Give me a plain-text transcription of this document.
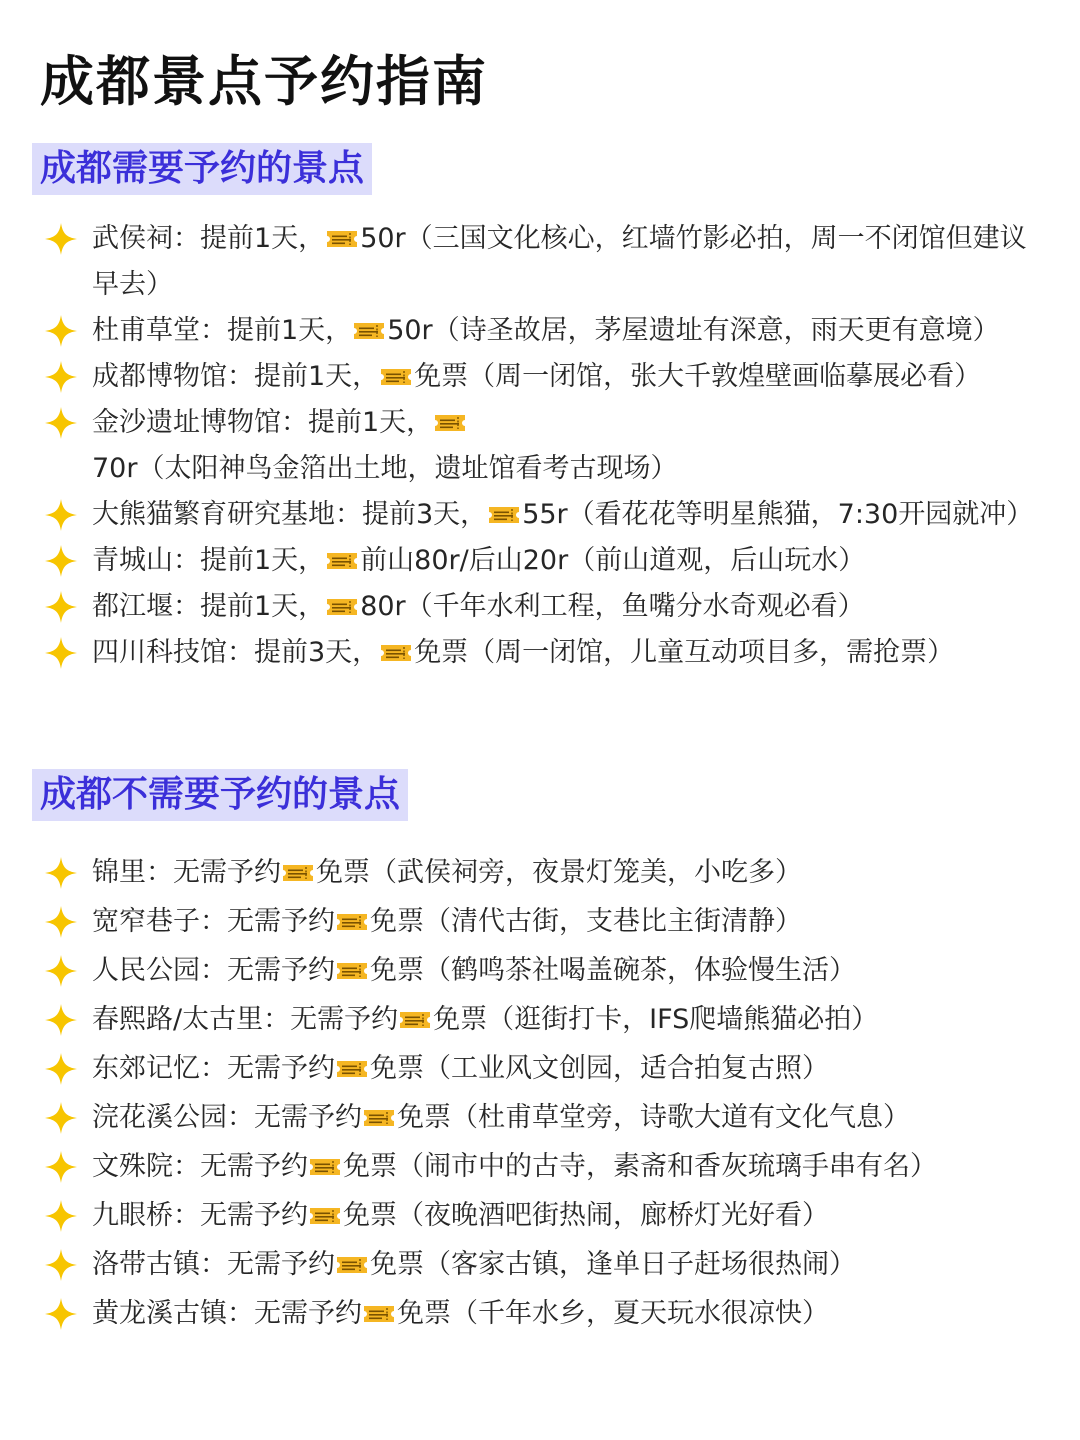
成都景点予约指南
成都需要予约的景点
武侯祠：提前1天， 50r（三国文化核心，红墙竹影必拍，周一不闭馆但建议早去）
杜甫草堂：提前1天， 50r（诗圣故居，茅屋遗址有深意，雨天更有意境）
成都博物馆：提前1天， 免票（周一闭馆，张大千敦煌壁画临摹展必看）
金沙遗址博物馆：提前1天，
70r（太阳神鸟金箔出土地，遗址馆看考古现场）
大熊猫繁育研究基地：提前3天， 55r（看花花等明星熊猫，7:30开园就冲）
青城山：提前1天， 前山80r/后山20r（前山道观，后山玩水）
都江堰：提前1天， 80r（千年水利工程，鱼嘴分水奇观必看）
四川科技馆：提前3天， 免票（周一闭馆，儿童互动项目多，需抢票）
成都不需要予约的景点
锦里：无需予约 免票（武侯祠旁，夜景灯笼美，小吃多）
宽窄巷子：无需予约 免票（清代古街，支巷比主街清静）
人民公园：无需予约 免票（鹤鸣茶社喝盖碗茶，体验慢生活）
春熙路/太古里：无需予约 免票（逛街打卡，IFS爬墙熊猫必拍）
东郊记忆：无需予约 免票（工业风文创园，适合拍复古照）
浣花溪公园：无需予约 免票（杜甫草堂旁，诗歌大道有文化气息）
文殊院：无需予约 免票（闹市中的古寺，素斋和香灰琉璃手串有名）
九眼桥：无需予约 免票（夜晚酒吧街热闹，廊桥灯光好看）
洛带古镇：无需予约 免票（客家古镇，逢单日子赶场很热闹）
黄龙溪古镇：无需予约 免票（千年水乡，夏天玩水很凉快）
